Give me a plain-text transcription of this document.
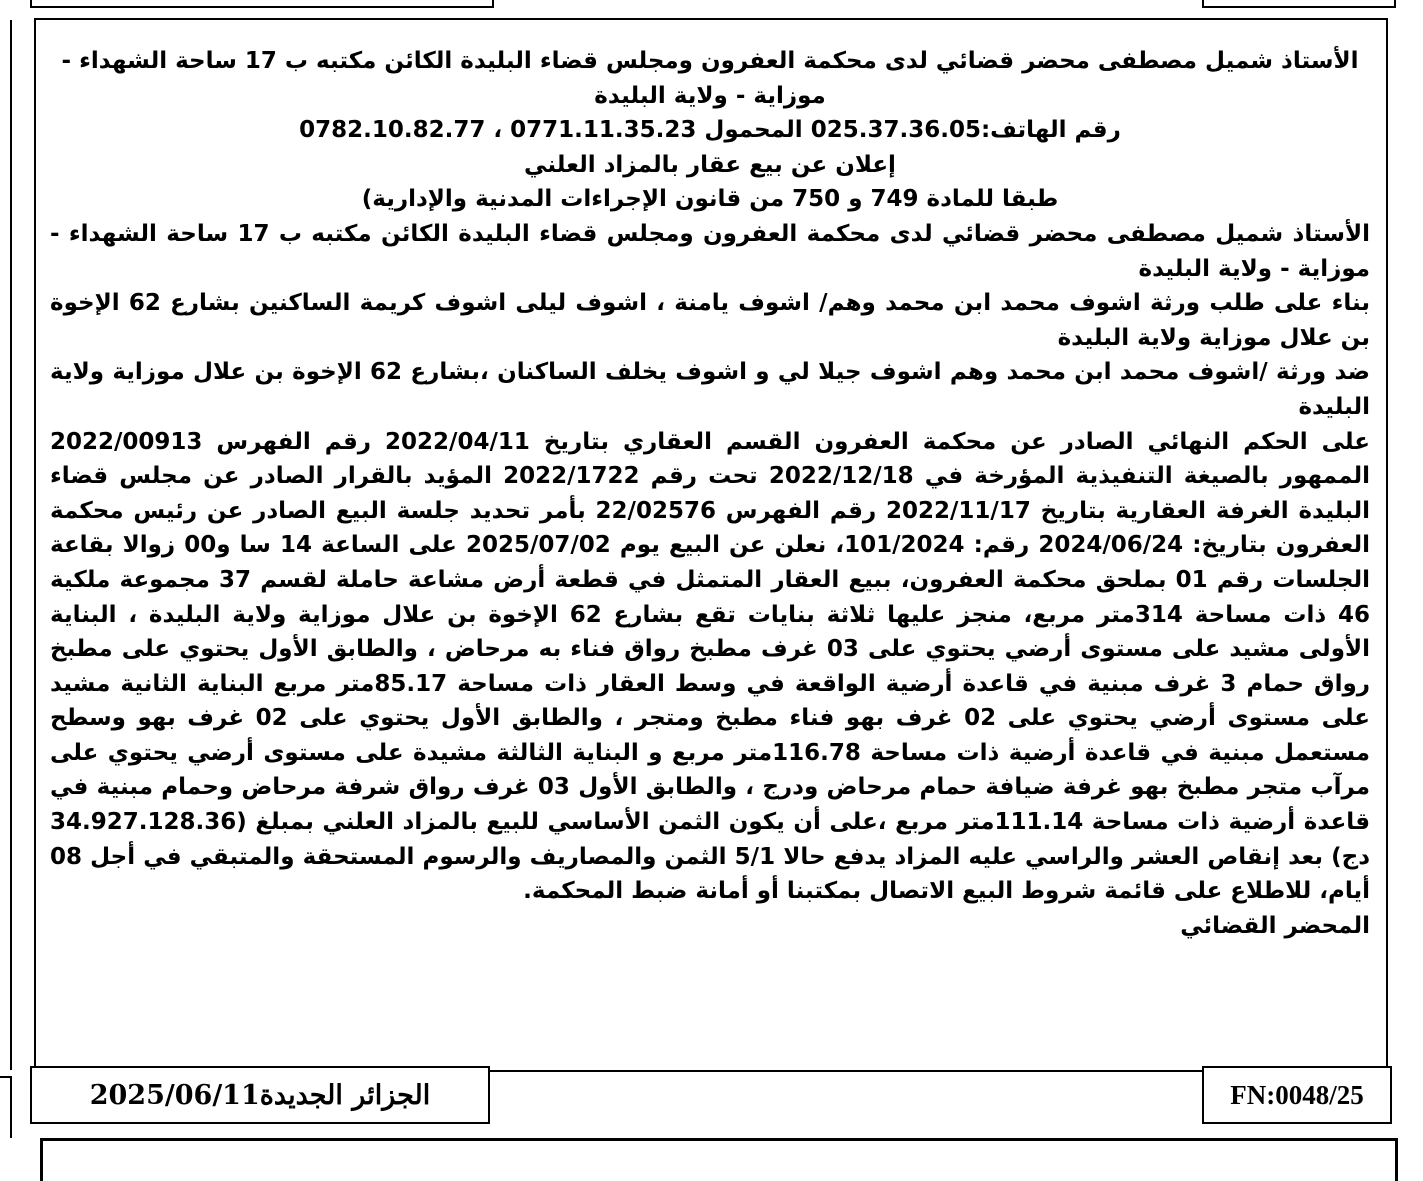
الأستاذ شميل مصطفى محضر قضائي لدى محكمة العفرون ومجلس قضاء البليدة الكائن مكتبه ب 17 ساحة الشهداء - موزاية - ولاية البليدة
رقم الهاتف:025.37.36.05 المحمول 0771.11.35.23 ، 0782.10.82.77
إعلان عن بيع عقار بالمزاد العلني
طبقا للمادة 749 و 750 من قانون الإجراءات المدنية والإدارية)
الأستاذ شميل مصطفى محضر قضائي لدى محكمة العفرون ومجلس قضاء البليدة الكائن مكتبه ب 17 ساحة الشهداء - موزاية - ولاية البليدة
بناء على طلب ورثة اشوف محمد ابن محمد وهم/ اشوف يامنة ، اشوف ليلى اشوف كريمة الساكنين بشارع 62 الإخوة بن علال موزاية ولاية البليدة
ضد ورثة /اشوف محمد ابن محمد وهم اشوف جيلا لي و اشوف يخلف الساكنان ،بشارع 62 الإخوة بن علال موزاية ولاية البليدة
على الحكم النهائي الصادر عن محكمة العفرون القسم العقاري بتاريخ 2022/04/11 رقم الفهرس 2022/00913 الممهور بالصيغة التنفيذية المؤرخة في 2022/12/18 تحت رقم 2022/1722 المؤيد بالقرار الصادر عن مجلس قضاء البليدة الغرفة العقارية بتاريخ 2022/11/17 رقم الفهرس 22/02576 بأمر تحديد جلسة البيع الصادر عن رئيس محكمة العفرون بتاريخ: 2024/06/24 رقم: 101/2024، نعلن عن البيع يوم 2025/07/02 على الساعة 14 سا و00 زوالا بقاعة الجلسات رقم 01 بملحق محكمة العفرون، ببيع العقار المتمثل في قطعة أرض مشاعة حاملة لقسم 37 مجموعة ملكية 46 ذات مساحة 314متر مربع، منجز عليها ثلاثة بنايات تقع بشارع 62 الإخوة بن علال موزاية ولاية البليدة ، البناية الأولى مشيد على مستوى أرضي يحتوي على 03 غرف مطبخ رواق فناء به مرحاض ، والطابق الأول يحتوي على مطبخ رواق حمام 3 غرف مبنية في قاعدة أرضية الواقعة في وسط العقار ذات مساحة 85.17متر مربع البناية الثانية مشيد على مستوى أرضي يحتوي على 02 غرف بهو فناء مطبخ ومتجر ، والطابق الأول يحتوي على 02 غرف بهو وسطح مستعمل مبنية في قاعدة أرضية ذات مساحة 116.78متر مربع و البناية الثالثة مشيدة على مستوى أرضي يحتوي على مرآب متجر مطبخ بهو غرفة ضيافة حمام مرحاض ودرج ، والطابق الأول 03 غرف رواق شرفة مرحاض وحمام مبنية في قاعدة أرضية ذات مساحة 111.14متر مربع ،على أن يكون الثمن الأساسي للبيع بالمزاد العلني بمبلغ (34.927.128.36 دج) بعد إنقاص العشر والراسي عليه المزاد يدفع حالا 5/1 الثمن والمصاريف والرسوم المستحقة والمتبقي في أجل 08 أيام، للاطلاع على قائمة شروط البيع الاتصال بمكتبنا أو أمانة ضبط المحكمة.
المحضر القضائي
الجزائر الجديدة2025/06/11	FN:0048/25
